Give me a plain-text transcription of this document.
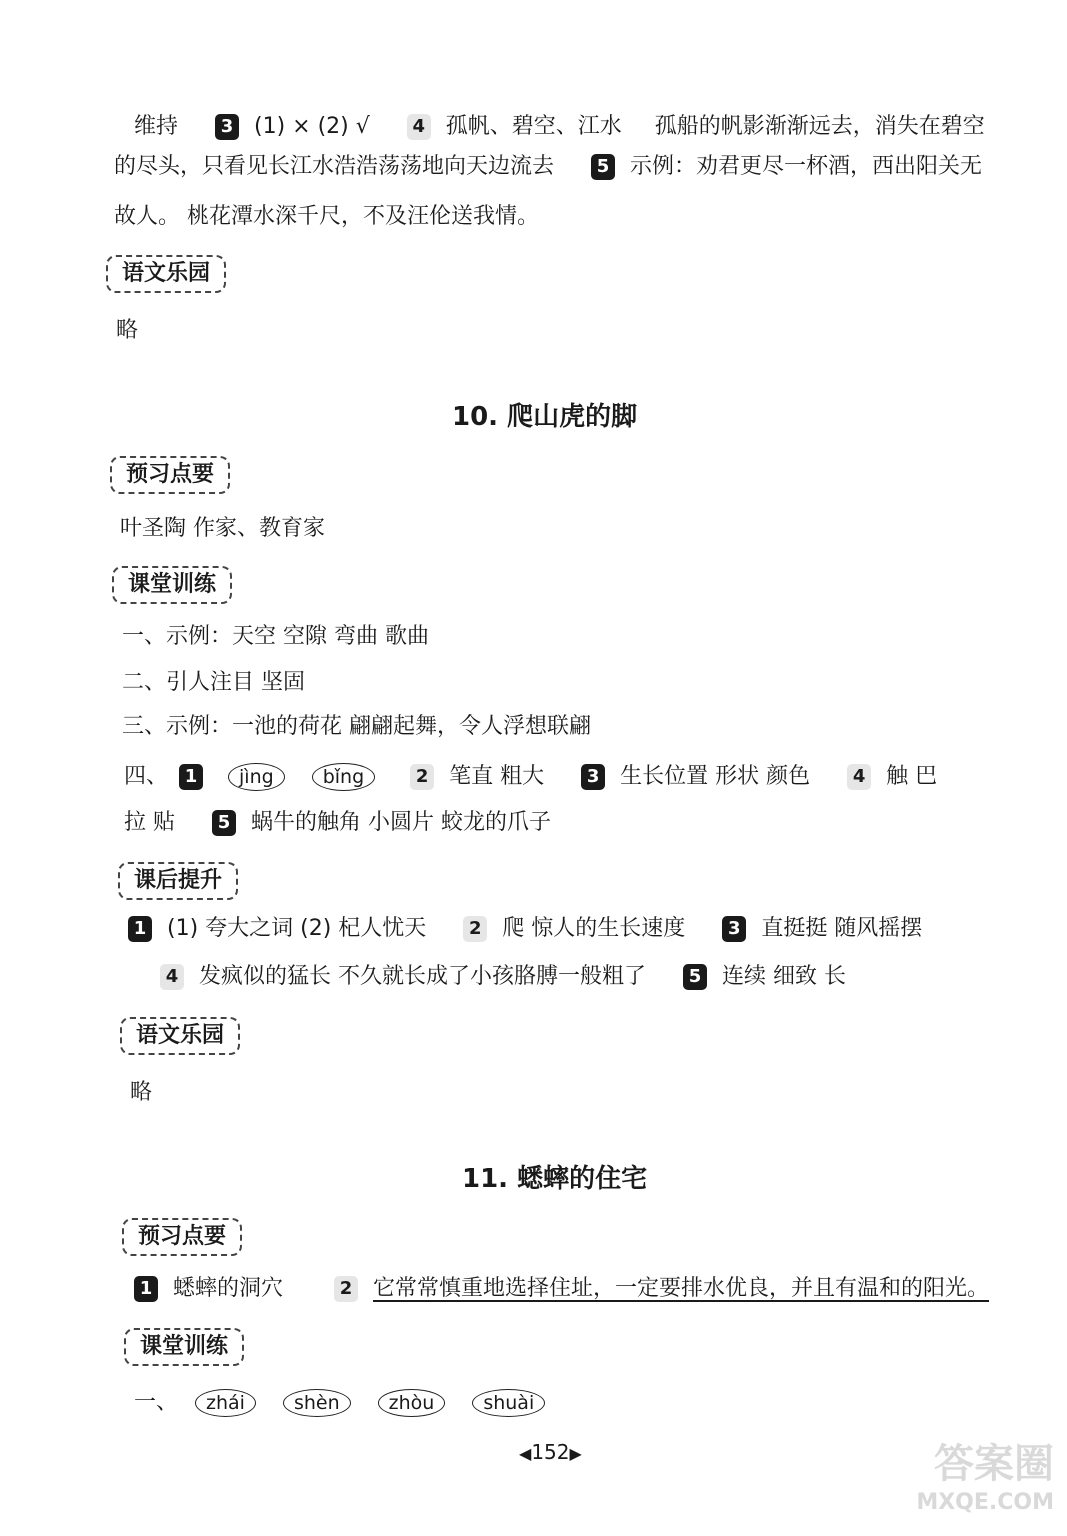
维持 3 (1) × (2) √ 4 孤帆、碧空、江水 孤船的帆影渐渐远去，消失在碧空
的尽头，只看见长江水浩浩荡荡地向天边流去 5 示例：劝君更尽一杯酒，西出阳关无
故人。 桃花潭水深千尺，不及汪伦送我情。
语文乐园
略
10. 爬山虎的脚
预习点要
叶圣陶 作家、教育家
课堂训练
一、示例：天空 空隙 弯曲 歌曲
二、引人注目 坚固
三、示例：一池的荷花 翩翩起舞，令人浮想联翩
四、 1 jìng	bǐng	2 笔直 粗大 3 生长位置 形状 颜色 4 触 巴
拉 贴 5 蜗牛的触角 小圆片 蛟龙的爪子
课后提升
1 (1) 夸大之词 (2) 杞人忧天 2 爬 惊人的生长速度 3 直挺挺 随风摇摆
4 发疯似的猛长 不久就长成了小孩胳膊一般粗了 5 连续 细致 长
语文乐园
略
11. 蟋蟀的住宅
预习点要
1 蟋蟀的洞穴	2 它常常慎重地选择住址，一定要排水优良，并且有温和的阳光。
课堂训练
一、 zhái	shèn	zhòu	shuài
◀152▶	答案圈
MXQE.COM
